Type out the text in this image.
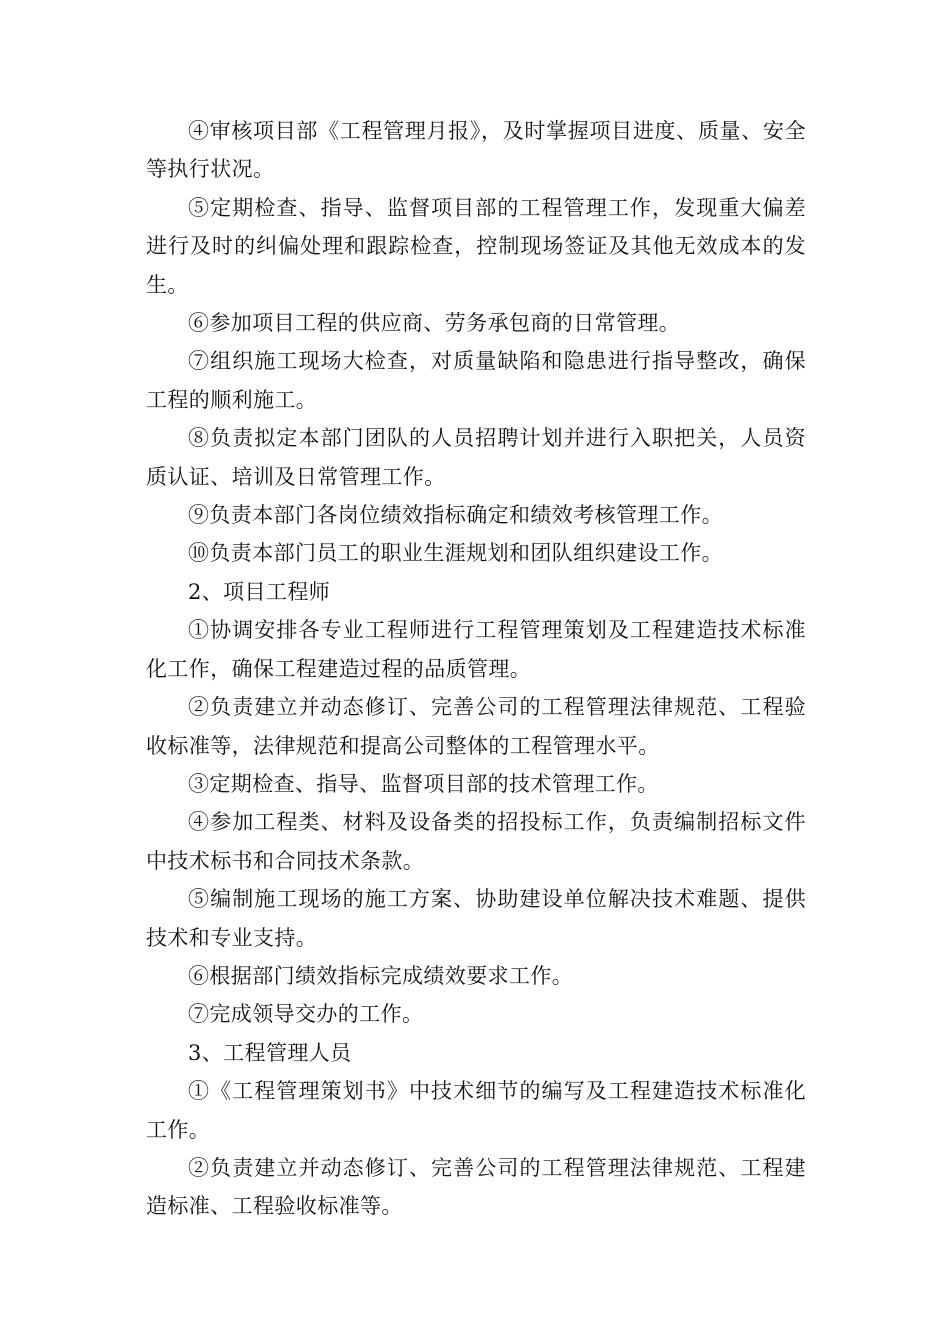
④审核项目部《工程管理月报》，及时掌握项目进度、质量、安全等执行状况。

⑤定期检查、指导、监督项目部的工程管理工作，发现重大偏差进行及时的纠偏处理和跟踪检查，控制现场签证及其他无效成本的发生。

⑥参加项目工程的供应商、劳务承包商的日常管理。

⑦组织施工现场大检查，对质量缺陷和隐患进行指导整改，确保工程的顺利施工。

⑧负责拟定本部门团队的人员招聘计划并进行入职把关，人员资质认证、培训及日常管理工作。

⑨负责本部门各岗位绩效指标确定和绩效考核管理工作。

⑩负责本部门员工的职业生涯规划和团队组织建设工作。

2、项目工程师

①协调安排各专业工程师进行工程管理策划及工程建造技术标准化工作，确保工程建造过程的品质管理。

②负责建立并动态修订、完善公司的工程管理法律规范、工程验收标准等，法律规范和提高公司整体的工程管理水平。

③定期检查、指导、监督项目部的技术管理工作。

④参加工程类、材料及设备类的招投标工作，负责编制招标文件中技术标书和合同技术条款。

⑤编制施工现场的施工方案、协助建设单位解决技术难题、提供技术和专业支持。

⑥根据部门绩效指标完成绩效要求工作。

⑦完成领导交办的工作。

3、工程管理人员

①《工程管理策划书》中技术细节的编写及工程建造技术标准化工作。

②负责建立并动态修订、完善公司的工程管理法律规范、工程建造标准、工程验收标准等。
